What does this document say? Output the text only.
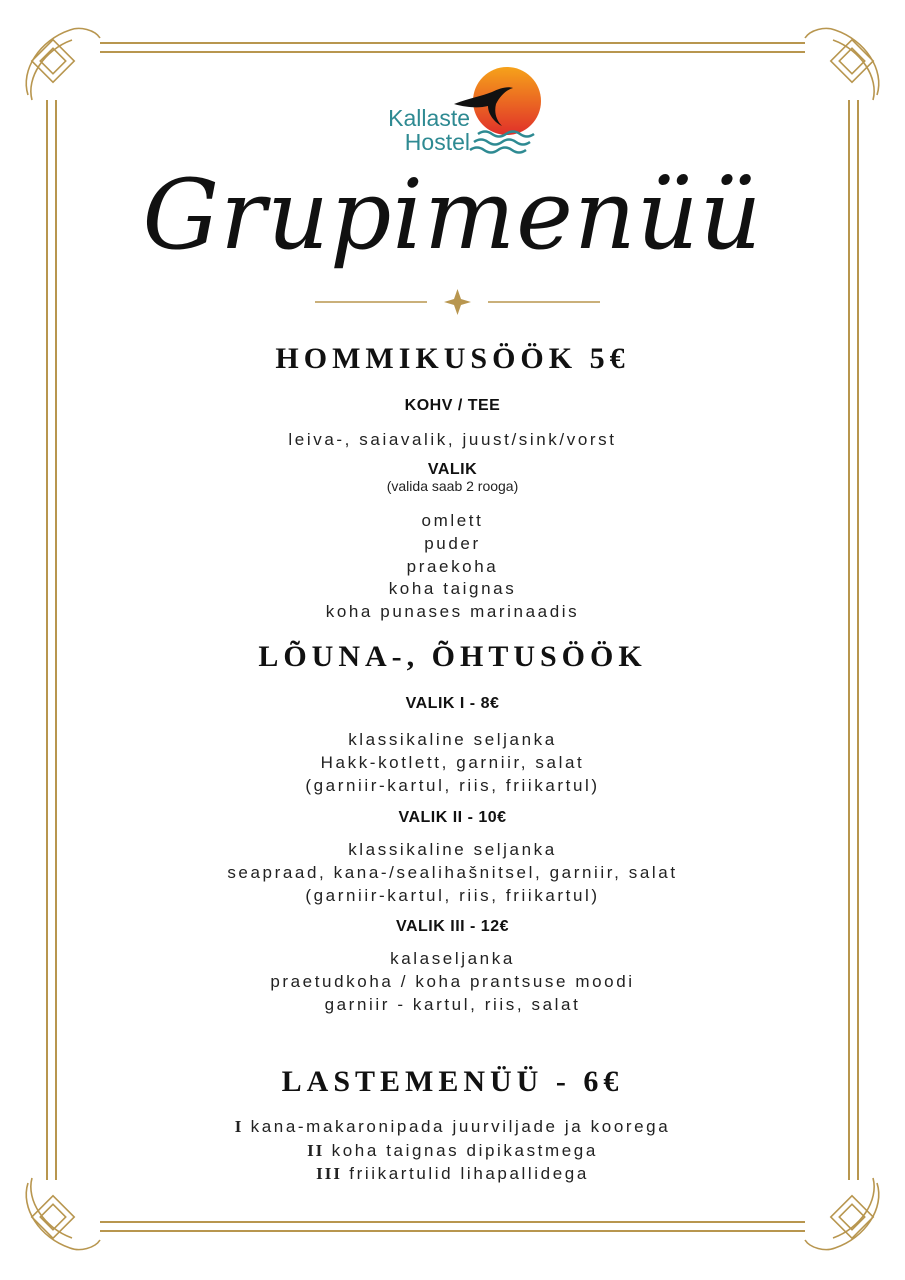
Kallaste
Hostel
Grupimenüü
HOMMIKUSÖÖK 5€
KOHV / TEE
leiva-, saiavalik, juust/sink/vorst
VALIK
(valida saab 2 rooga)
omlett
puder
praekoha
koha taignas
koha punases marinaadis
LÕUNA-, ÕHTUSÖÖK
VALIK I - 8€
klassikaline seljanka
Hakk-kotlett, garniir, salat
(garniir-kartul, riis, friikartul)
VALIK II - 10€
klassikaline seljanka
seapraad, kana-/sealihašnitsel, garniir, salat
(garniir-kartul, riis, friikartul)
VALIK III - 12€
kalaseljanka
praetudkoha / koha prantsuse moodi
garniir - kartul, riis, salat
LASTEMENÜÜ - 6€
I kana-makaronipada juurviljade ja koorega
II koha taignas dipikastmega
III friikartulid lihapallidega
